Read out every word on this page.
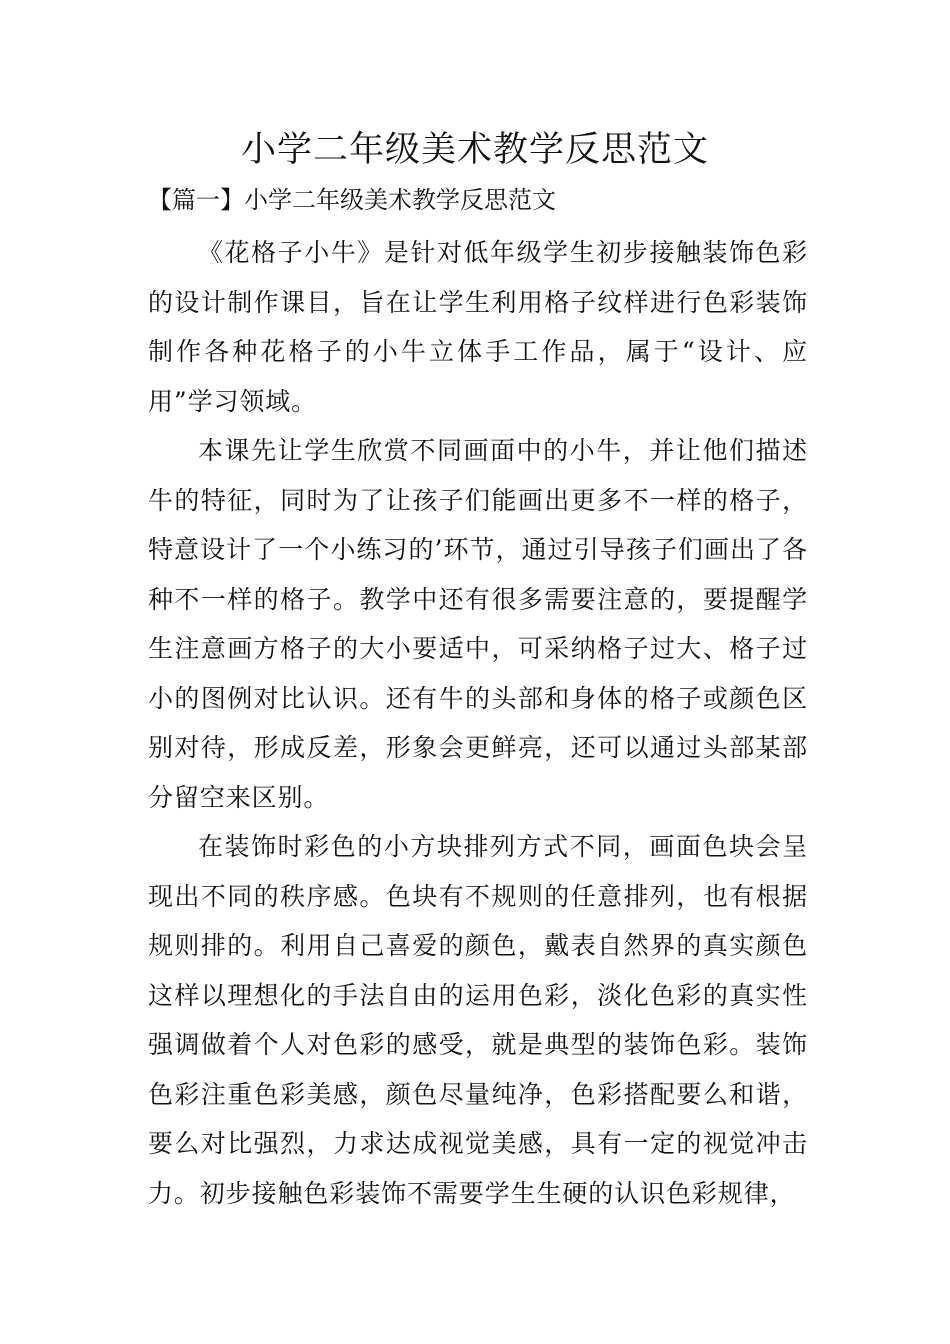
小学二年级美术教学反思范文
【篇一】小学二年级美术教学反思范文

《花格子小牛》是针对低年级学生初步接触装饰色彩的设计制作课目，旨在让学生利用格子纹样进行色彩装饰制作各种花格子的小牛立体手工作品，属于“设计、应用”学习领域。

本课先让学生欣赏不同画面中的小牛，并让他们描述牛的特征，同时为了让孩子们能画出更多不一样的格子，特意设计了一个小练习的’环节，通过引导孩子们画出了各种不一样的格子。教学中还有很多需要注意的，要提醒学生注意画方格子的大小要适中，可采纳格子过大、格子过小的图例对比认识。还有牛的头部和身体的格子或颜色区别对待，形成反差，形象会更鲜亮，还可以通过头部某部分留空来区别。

在装饰时彩色的小方块排列方式不同，画面色块会呈现出不同的秩序感。色块有不规则的任意排列，也有根据规则排的。利用自己喜爱的颜色，戴表自然界的真实颜色这样以理想化的手法自由的运用色彩，淡化色彩的真实性强调做着个人对色彩的感受，就是典型的装饰色彩。装饰色彩注重色彩美感，颜色尽量纯净，色彩搭配要么和谐，要么对比强烈，力求达成视觉美感，具有一定的视觉冲击力。初步接触色彩装饰不需要学生生硬的认识色彩规律，
